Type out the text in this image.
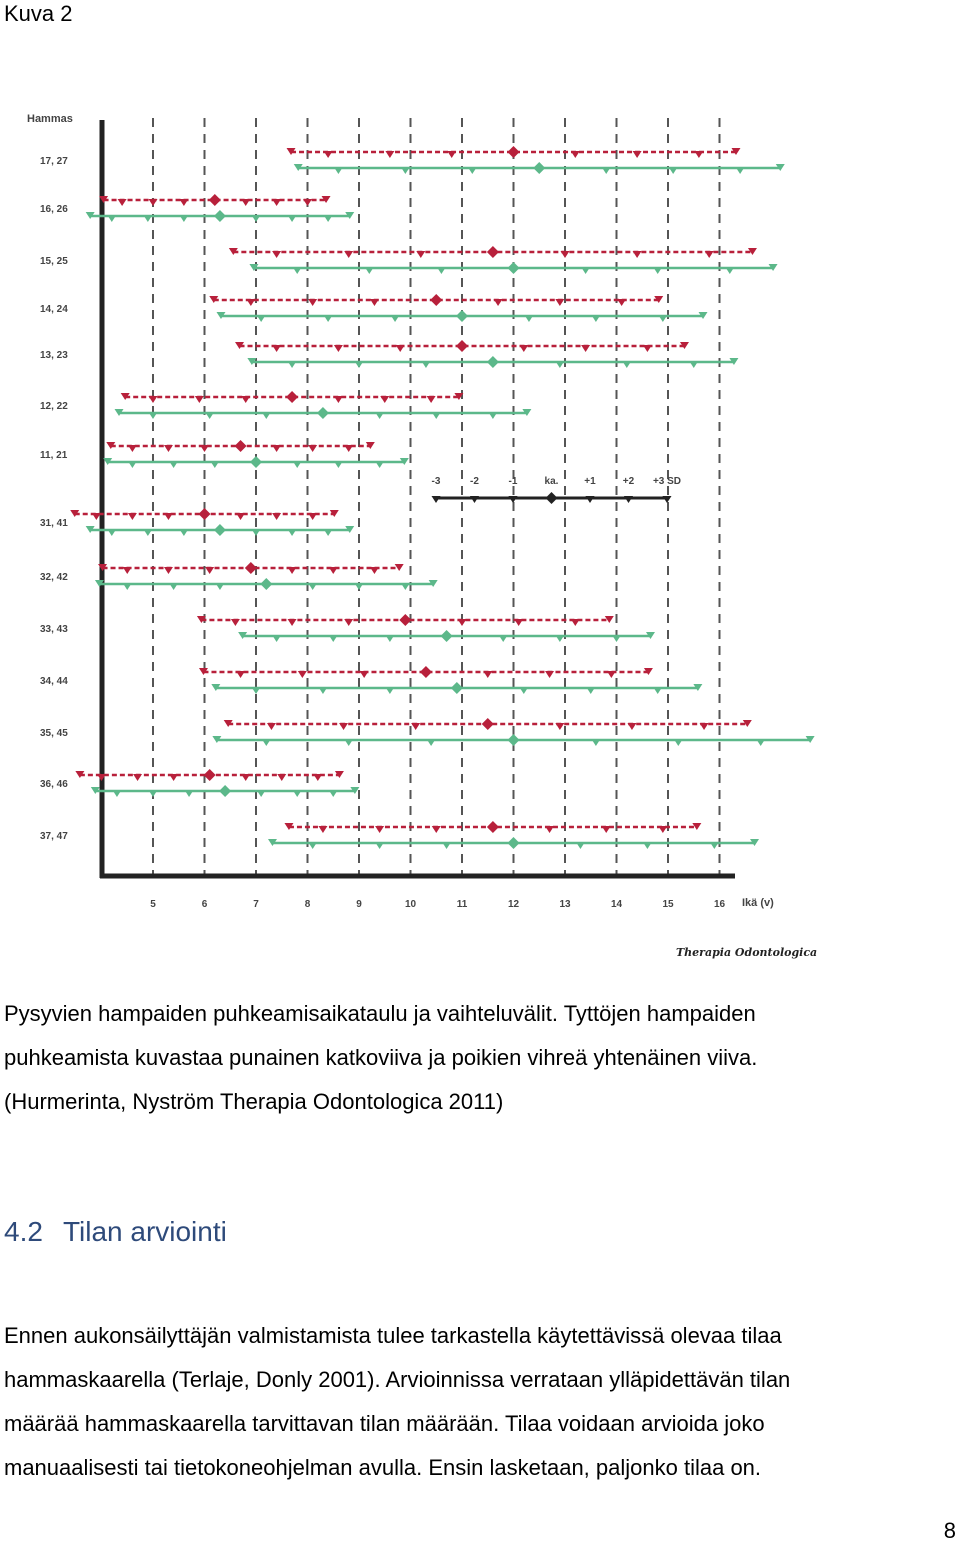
Kuva 2
Hammas
Ikä (v)
5	6	7	8	9	10	11	12	13	14	15	16
Therapia Odontologica
17, 27
16, 26
15, 25
14, 24
13, 23
12, 22
11, 21
31, 41
32, 42
33, 43
34, 44
35, 45
36, 46
37, 47
-3	-2	-1	ka.	+1	+2 +3 SD
Pysyvien hampaiden puhkeamisaikataulu ja vaihteluvälit. Tyttöjen hampaiden
puhkeamista kuvastaa punainen katkoviiva ja poikien vihreä yhtenäinen viiva.
(Hurmerinta, Nyström Therapia Odontologica 2011)
4.2 Tilan arviointi
Ennen aukonsäilyttäjän valmistamista tulee tarkastella käytettävissä olevaa tilaa
hammaskaarella (Terlaje, Donly 2001). Arvioinnissa verrataan ylläpidettävän tilan
määrää hammaskaarella tarvittavan tilan määrään. Tilaa voidaan arvioida joko
manuaalisesti tai tietokoneohjelman avulla. Ensin lasketaan, paljonko tilaa on.
8
